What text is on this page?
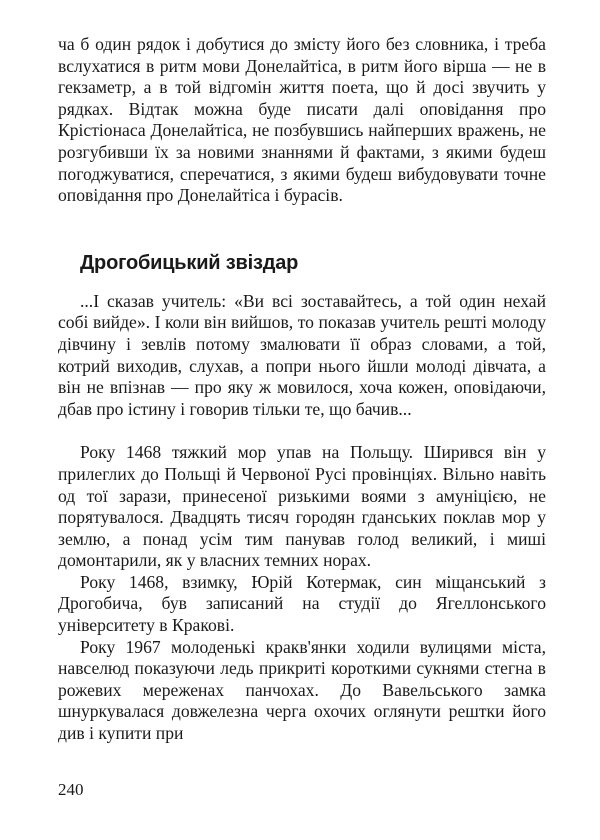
ча б один рядок і добутися до змісту його без словника, і треба вслухатися в ритм мови Донелайтіса, в ритм його вірша — не в гекзаметр, а в той відгомін життя поета, що й досі звучить у рядках. Відтак можна буде писати далі оповідання про Крістіонаса Донелайтіса, не позбувшись найперших вражень, не розгубивши їх за новими знаннями й фактами, з якими будеш погоджуватися, сперечатися, з якими будеш вибудовувати точне оповідання про Донелайтіса і бурасів.

Дрогобицький звіздар

...І сказав учитель: «Ви всі зоставайтесь, а той один нехай собі вийде». І коли він вийшов, то показав учитель решті молоду дівчину і зевлів потому змалювати її образ словами, а той, котрий виходив, слухав, а попри нього йшли молоді дівчата, а він не впізнав — про яку ж мовилося, хоча кожен, оповідаючи, дбав про істину і говорив тільки те, що бачив...

Року 1468 тяжкий мор упав на Польщу. Ширився він у прилеглих до Польщі й Червоної Русі провінціях. Вільно навіть од тої зарази, принесеної ризькими воями з амуніцією, не порятувалося. Двадцять тисяч городян гданських поклав мор у землю, а понад усім тим панував голод великий, і миші домонтарили, як у власних темних норах.

Року 1468, взимку, Юрій Котермак, син міщанський з Дрогобича, був записаний на студії до Ягеллонського університету в Кракові.

Року 1967 молоденькі кракв'янки ходили вулицями міста, навселюд показуючи ледь прикриті короткими сукнями стегна в рожевих мереженах панчохах. До Вавельського замка шнуркувалася довжелезна черга охочих оглянути рештки його див і купити при

240
